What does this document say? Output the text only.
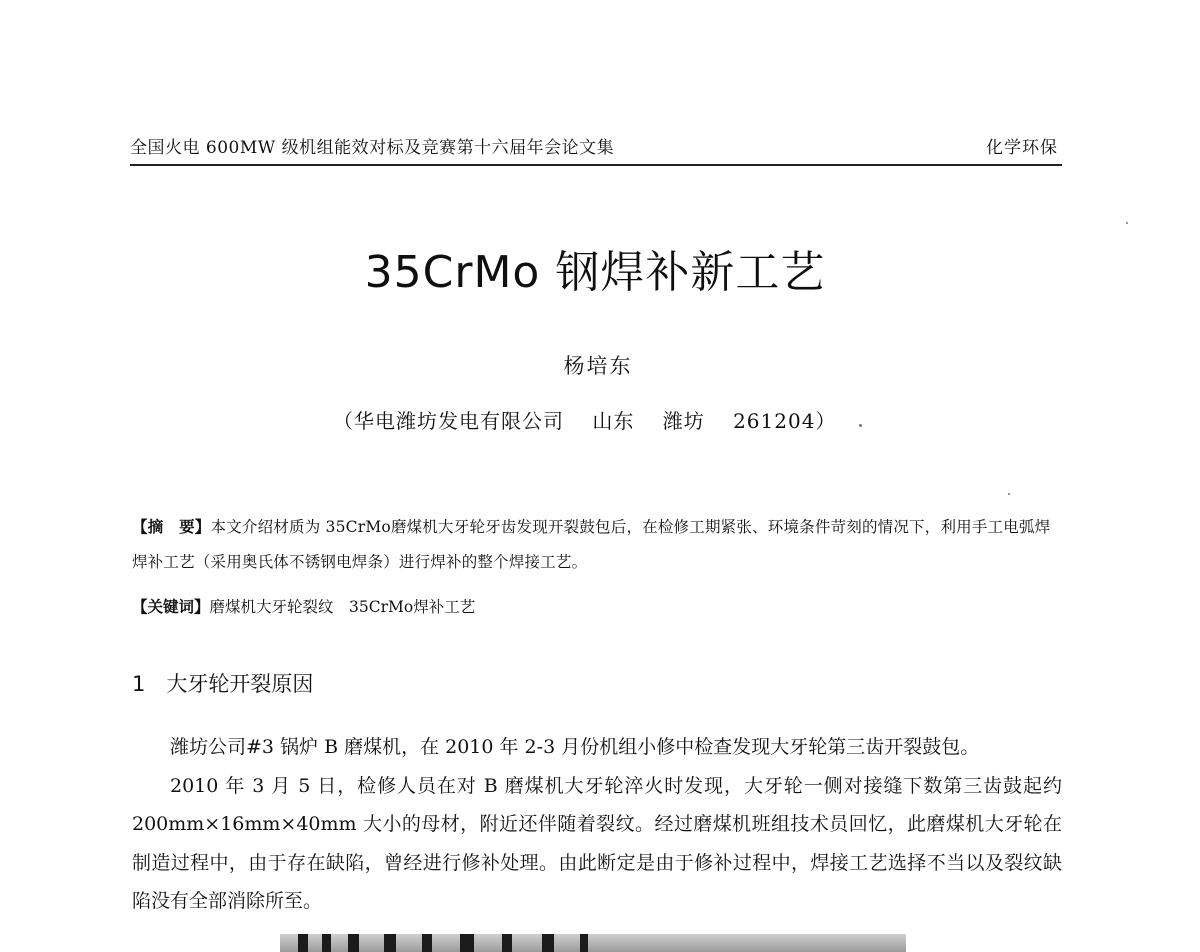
全国火电 600MW 级机组能效对标及竞赛第十六届年会论文集	化学环保
35CrMo 钢焊补新工艺
杨培东
（华电潍坊发电有限公司　 山东　 潍坊　 261204）
【摘　要】本文介绍材质为 35CrMo磨煤机大牙轮牙齿发现开裂鼓包后，在检修工期紧张、环境条件苛刻的情况下，利用手工电弧焊焊补工艺（采用奥氏体不锈钢电焊条）进行焊补的整个焊接工艺。
【关键词】磨煤机大牙轮裂纹　35CrMo焊补工艺
1　大牙轮开裂原因

潍坊公司#3 锅炉 B 磨煤机，在 2010 年 2-3 月份机组小修中检查发现大牙轮第三齿开裂鼓包。

2010 年 3 月 5 日，检修人员在对 B 磨煤机大牙轮淬火时发现，大牙轮一侧对接缝下数第三齿鼓起约 200mm×16mm×40mm 大小的母材，附近还伴随着裂纹。经过磨煤机班组技术员回忆，此磨煤机大牙轮在制造过程中，由于存在缺陷，曾经进行修补处理。由此断定是由于修补过程中，焊接工艺选择不当以及裂纹缺陷没有全部消除所至。
